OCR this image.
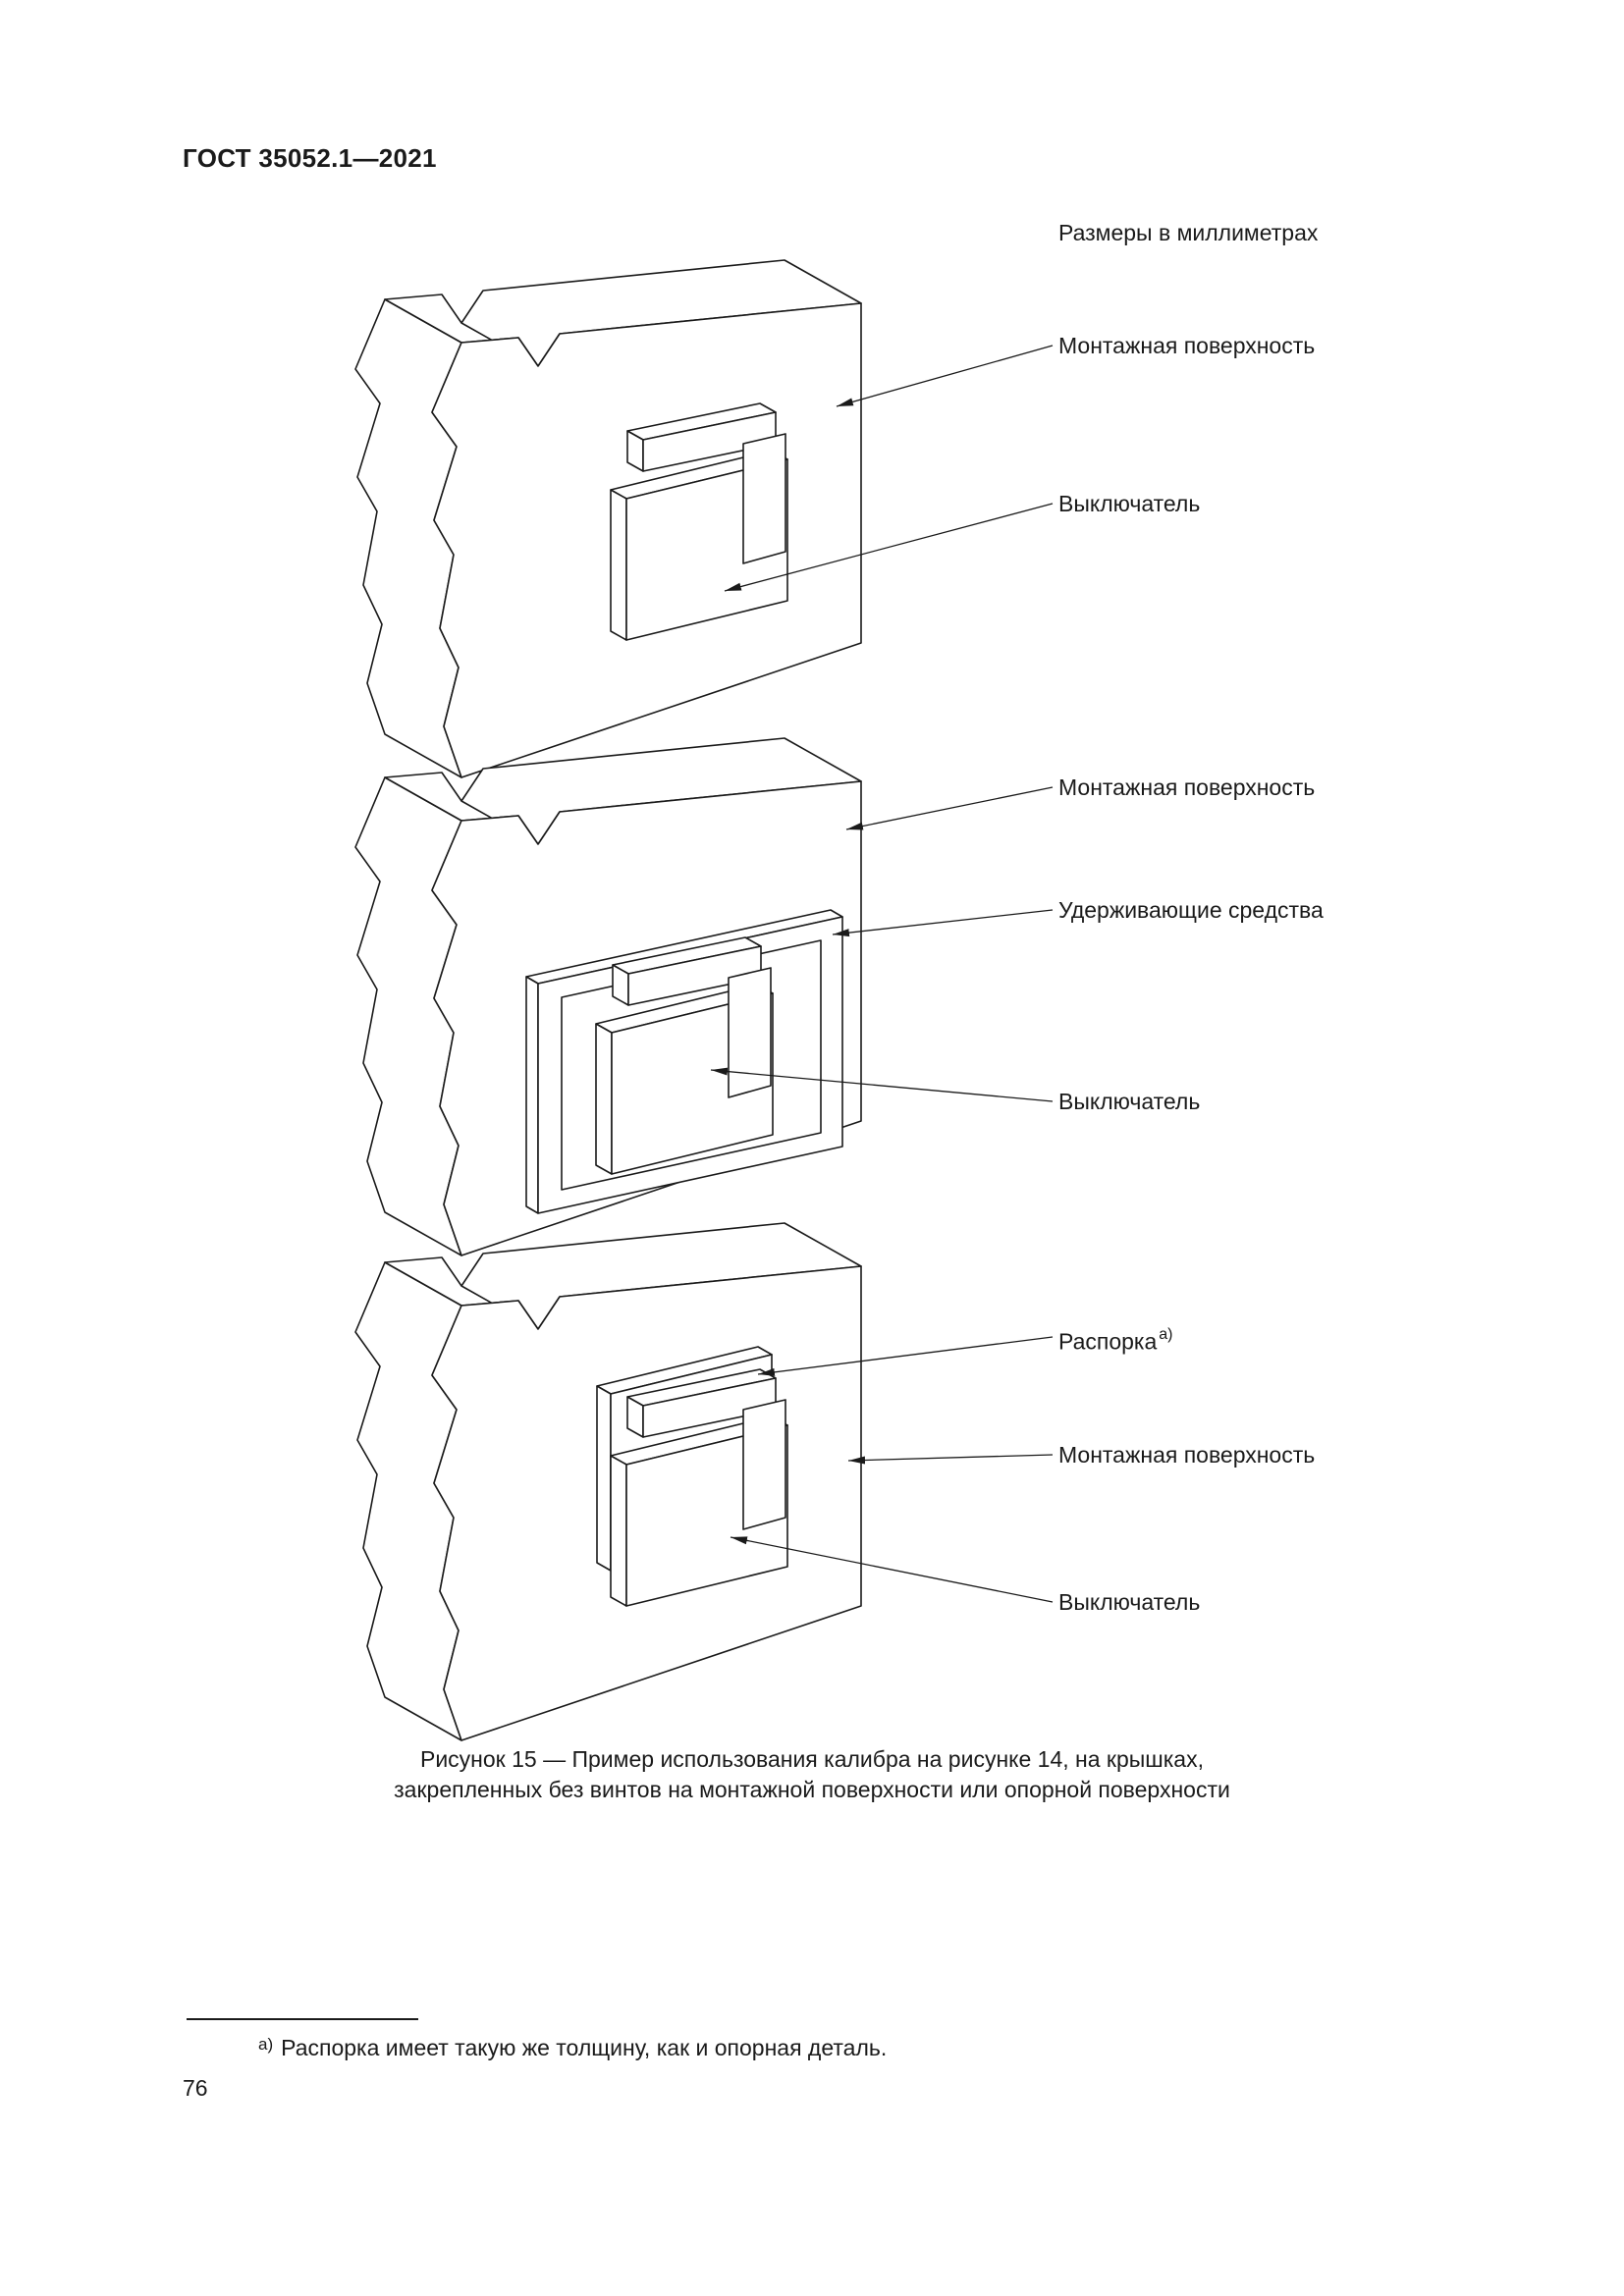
ГОСТ 35052.1—2021
Размеры в миллиметрах
Монтажная поверхность
Выключатель
Монтажная поверхность
Удерживающие средства
Выключатель
Распорка $^{а)}$
Монтажная поверхность
Выключатель
Рисунок 15 — Пример использования калибра на рисунке 14, на крышках,
закрепленных без винтов на монтажной поверхности или опорной поверхности
$^{а)}$ Распорка имеет такую же толщину, как и опорная деталь.
76
